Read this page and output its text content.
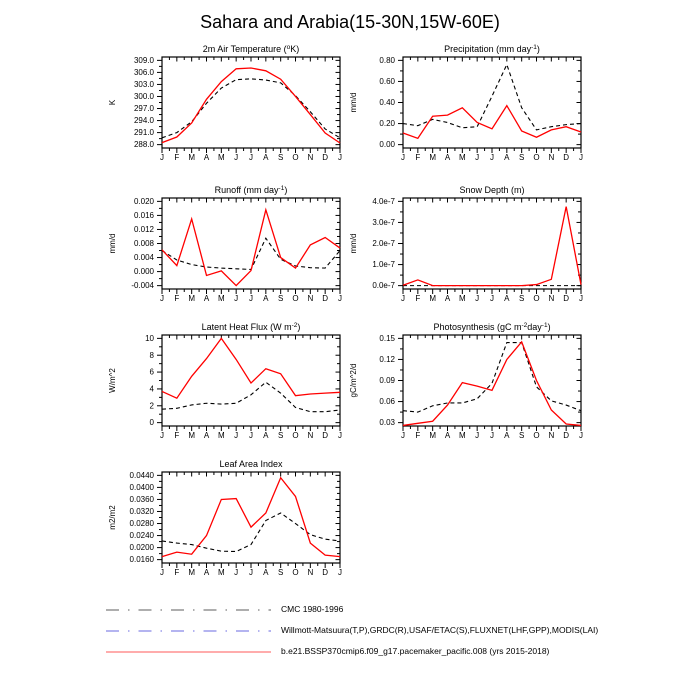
Sahara and Arabia(15-30N,15W-60E)
J F M A M J J A S O N D J
288.0
291.0
294.0
297.0
300.0
303.0
306.0
309.0
K
2m Air Temperature ($^o$K)
J F M A M J J A S O N D J
0.00
0.20
0.40
0.60
0.80
mm/d
Precipitation (mm day$^{-1}$)
J F M A M J J A S O N D J
-0.004
0.000
0.004
0.008
0.012
0.016
0.020
mm/d
Runoff (mm day$^{-1}$)
J F M A M J J A S O N D J
0.0e-7
1.0e-7
2.0e-7
3.0e-7
4.0e-7
mm/d
Snow Depth (m)
J F M A M J J A S O N D J
0
2
4
6
8
10
W/m^2
Latent Heat Flux (W $m^{-2}$)
J F M A M J J A S O N D J
0.03
0.06
0.09
0.12
0.15
gC/m^2/d
Photosynthesis (gC $m^{-2}day^{-1}$)
J F M A M J J A S O N D J
0.0160
0.0200
0.0240
0.0280
0.0320
0.0360
0.0400
0.0440
m2/m2
Leaf Area Index
CMC 1980-1996
Willmott-Matsuura(T,P),GRDC(R),USAF/ETAC(S),FLUXNET(LHF,GPP),MODIS(LAI)
b.e21.BSSP370cmip6.f09_g17.pacemaker_pacific.008 (yrs 2015-2018)
